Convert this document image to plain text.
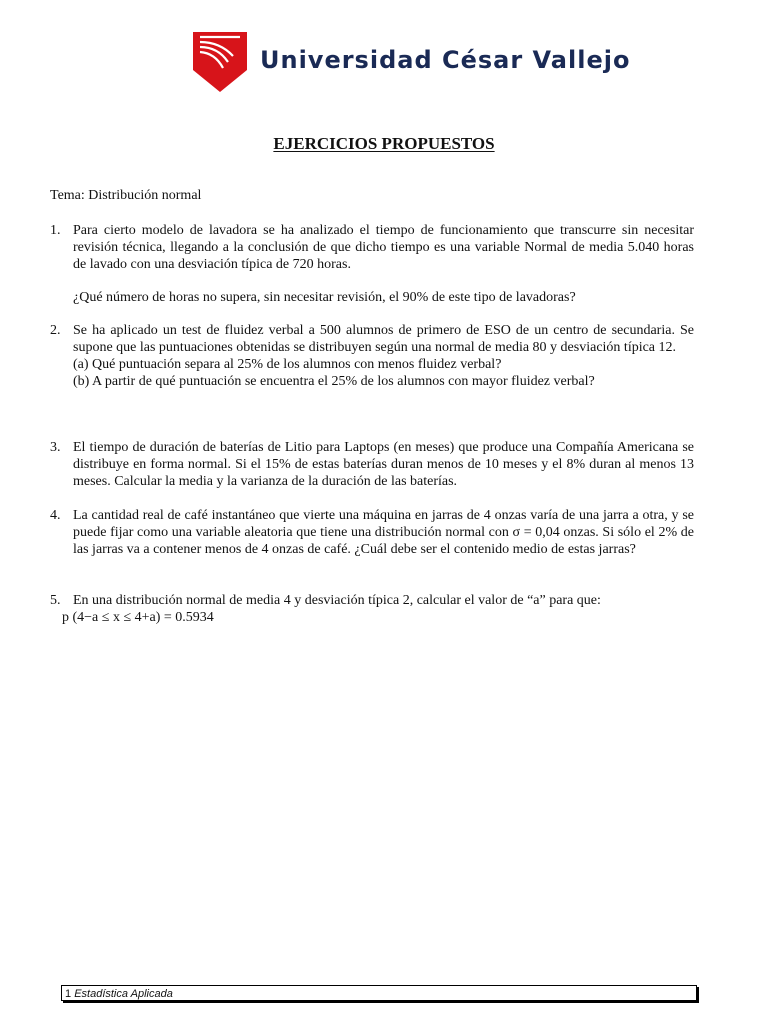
Universidad César Vallejo
EJERCICIOS PROPUESTOS
Tema: Distribución normal
1. Para cierto modelo de lavadora se ha analizado el tiempo de funcionamiento que transcurre sin necesitar revisión técnica, llegando a la conclusión de que dicho tiempo es una variable Normal de media 5.040 horas de lavado con una desviación típica de 720 horas.
¿Qué número de horas no supera, sin necesitar revisión, el 90% de este tipo de lavadoras?
2. Se ha aplicado un test de fluidez verbal a 500 alumnos de primero de ESO de un centro de secundaria. Se supone que las puntuaciones obtenidas se distribuyen según una normal de media 80 y desviación típica 12.
(a) Qué puntuación separa al 25% de los alumnos con menos fluidez verbal?
(b) A partir de qué puntuación se encuentra el 25% de los alumnos con mayor fluidez verbal?
3. El tiempo de duración de baterías de Litio para Laptops (en meses) que produce una Compañía Americana se distribuye en forma normal. Si el 15% de estas baterías duran menos de 10 meses y el 8% duran al menos 13 meses. Calcular la media y la varianza de la duración de las baterías.
4. La cantidad real de café instantáneo que vierte una máquina en jarras de 4 onzas varía de una jarra a otra, y se puede fijar como una variable aleatoria que tiene una distribución normal con σ = 0,04 onzas. Si sólo el 2% de las jarras va a contener menos de 4 onzas de café. ¿Cuál debe ser el contenido medio de estas jarras?
5. En una distribución normal de media 4 y desviación típica 2, calcular el valor de “a” para que:
p (4−a ≤ x ≤ 4+a) = 0.5934
1 Estadística Aplicada
